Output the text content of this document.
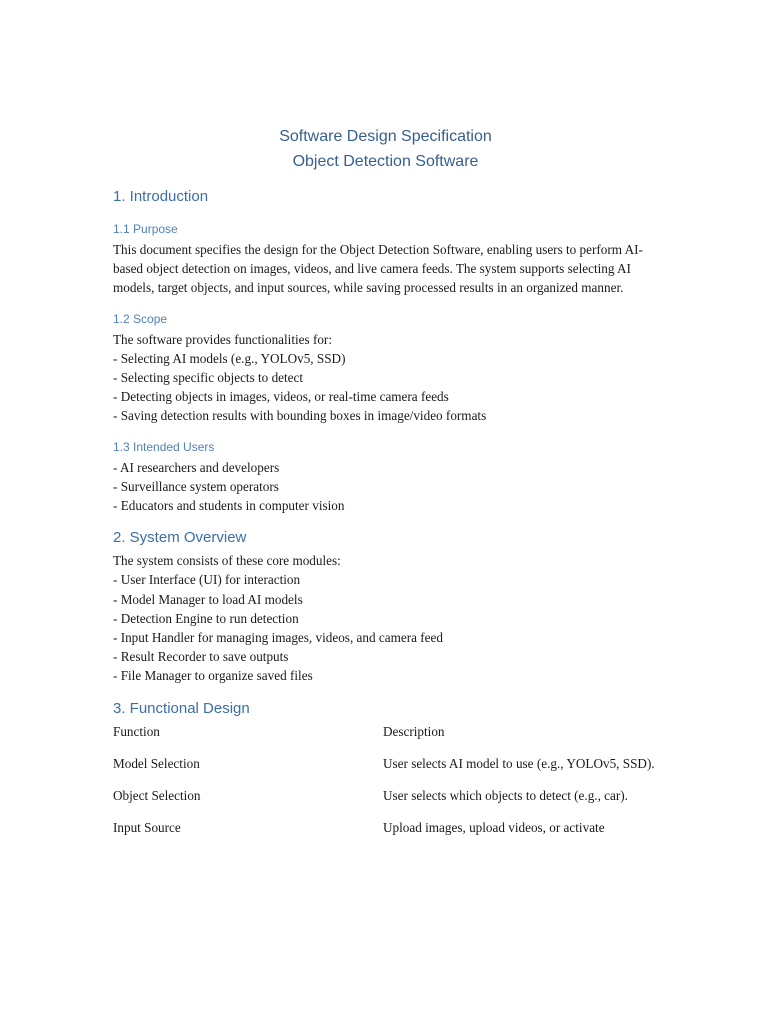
Software Design Specification
Object Detection Software
1. Introduction
1.1 Purpose

This document specifies the design for the Object Detection Software, enabling users to perform AI-based object detection on images, videos, and live camera feeds. The system supports selecting AI models, target objects, and input sources, while saving processed results in an organized manner.

1.2 Scope

The software provides functionalities for:

- Selecting AI models (e.g., YOLOv5, SSD)
- Selecting specific objects to detect
- Detecting objects in images, videos, or real-time camera feeds
- Saving detection results with bounding boxes in image/video formats
1.3 Intended Users
- AI researchers and developers
- Surveillance system operators
- Educators and students in computer vision
2. System Overview

The system consists of these core modules:

- User Interface (UI) for interaction
- Model Manager to load AI models
- Detection Engine to run detection
- Input Handler for managing images, videos, and camera feed
- Result Recorder to save outputs
- File Manager to organize saved files
3. Functional Design
Function	Description
Model Selection	User selects AI model to use (e.g., YOLOv5, SSD).
Object Selection	User selects which objects to detect (e.g., car).
Input Source	Upload images, upload videos, or activate
